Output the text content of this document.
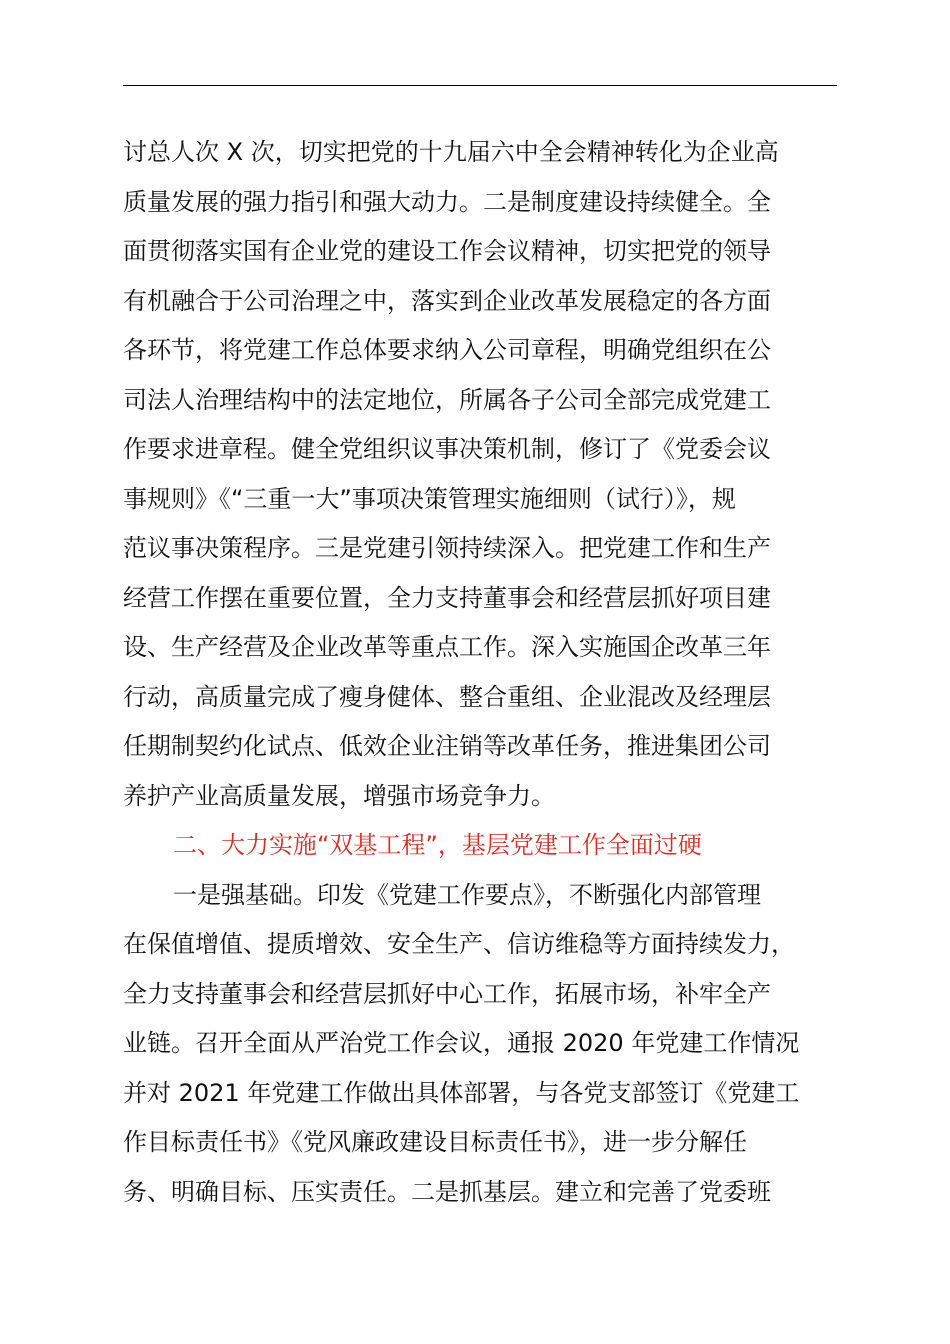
讨总人次 X 次，切实把党的十九届六中全会精神转化为企业高
质量发展的强力指引和强大动力。二是制度建设持续健全。全
面贯彻落实国有企业党的建设工作会议精神，切实把党的领导
有机融合于公司治理之中，落实到企业改革发展稳定的各方面
各环节，将党建工作总体要求纳入公司章程，明确党组织在公
司法人治理结构中的法定地位，所属各子公司全部完成党建工
作要求进章程。健全党组织议事决策机制，修订了《党委会议
事规则》《“三重一大”事项决策管理实施细则（试行）》，规
范议事决策程序。三是党建引领持续深入。把党建工作和生产
经营工作摆在重要位置，全力支持董事会和经营层抓好项目建
设、生产经营及企业改革等重点工作。深入实施国企改革三年
行动，高质量完成了瘦身健体、整合重组、企业混改及经理层
任期制契约化试点、低效企业注销等改革任务，推进集团公司
养护产业高质量发展，增强市场竞争力。
二、大力实施“双基工程”，基层党建工作全面过硬
一是强基础。印发《党建工作要点》，不断强化内部管理
在保值增值、提质增效、安全生产、信访维稳等方面持续发力，
全力支持董事会和经营层抓好中心工作，拓展市场，补牢全产
业链。召开全面从严治党工作会议，通报 2020 年党建工作情况
并对 2021 年党建工作做出具体部署，与各党支部签订《党建工
作目标责任书》《党风廉政建设目标责任书》，进一步分解任
务、明确目标、压实责任。二是抓基层。建立和完善了党委班
